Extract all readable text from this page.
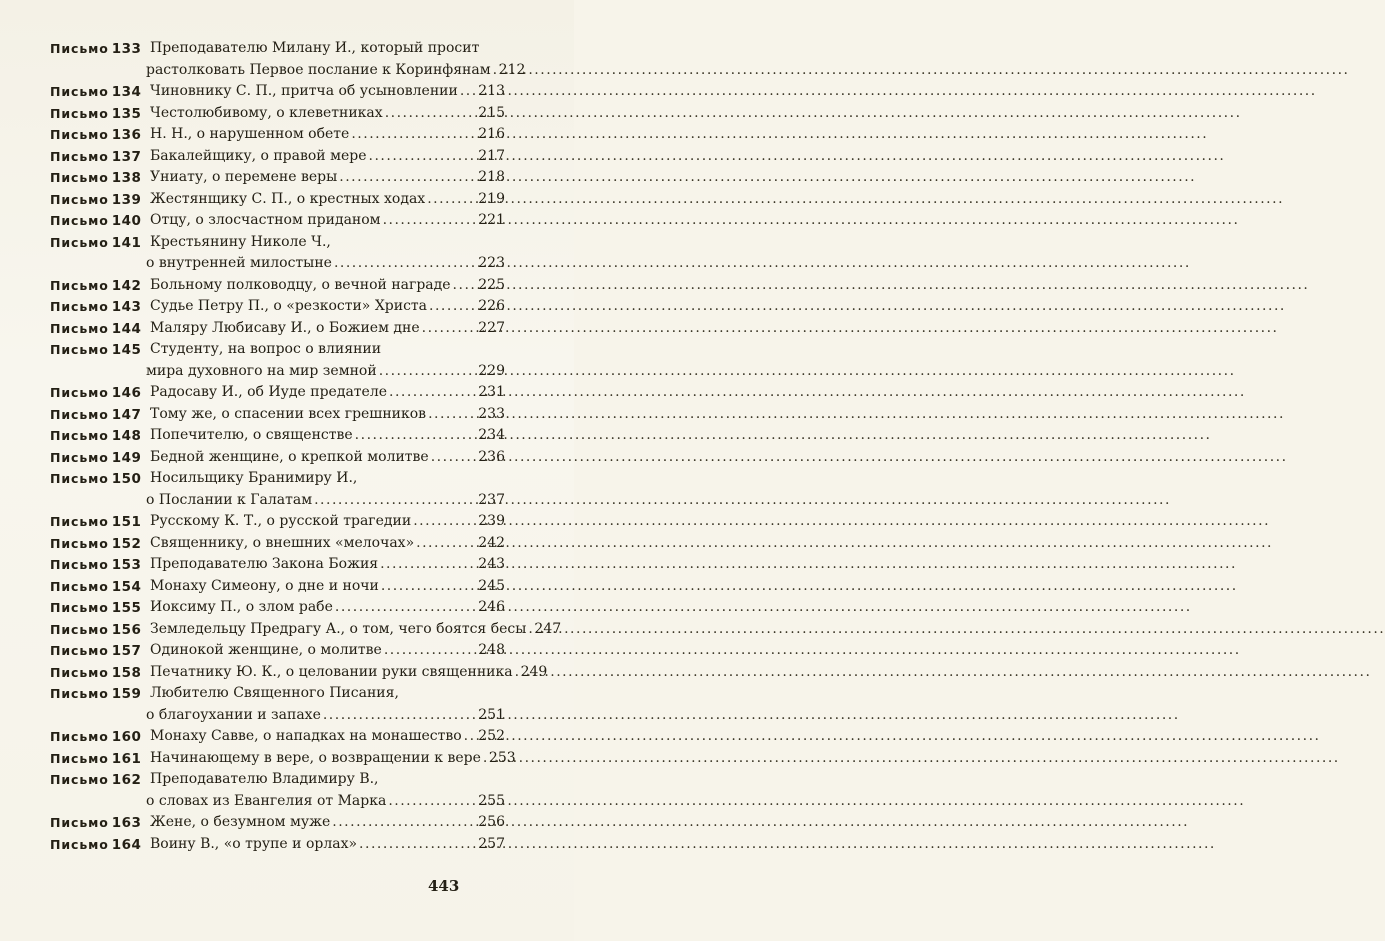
Письмо 133 Преподавателю Милану И., который просит
растолковать Первое послание к Коринфянам ..... 212
Письмо 134 Чиновнику С. П., притча об усыновлении ..... 213
Письмо 135 Честолюбивому, о клеветниках .....	215
Письмо 136 Н. Н., о нарушенном обете .....	216
Письмо 137 Бакалейщику, о правой мере .....	217
Письмо 138 Униату, о перемене веры .....	218
Письмо 139 Жестянщику С. П., о крестных ходах .....	219
Письмо 140 Отцу, о злосчастном приданом .....	221
Письмо 141 Крестьянину Николе Ч.,
о внутренней милостыне .....	223
Письмо 142 Больному полководцу, о вечной награде ..... 225
Письмо 143 Судье Петру П., о «резкости» Христа .....	226
Письмо 144 Маляру Любисаву И., о Божием дне .....	227
Письмо 145 Студенту, на вопрос о влиянии
мира духовного на мир земной .....	229
Письмо 146 Радосаву И., об Иуде предателе .....	231
Письмо 147 Тому же, о спасении всех грешников .....	233
Письмо 148 Попечителю, о священстве .....	234
Письмо 149 Бедной женщине, о крепкой молитве .....	236
Письмо 150 Носильщику Бранимиру И.,
о Послании к Галатам .....	237
Письмо 151 Русскому К. Т., о русской трагедии .....	239
Письмо 152 Священнику, о внешних «мелочах» .....	242
Письмо 153 Преподавателю Закона Божия .....	243
Письмо 154 Монаху Симеону, о дне и ночи .....	245
Письмо 155 Иоксиму П., о злом рабе .....	246
Письмо 156 Земледельцу Предрагу А., о том, чего боятся бесы ..... 247
Письмо 157 Одинокой женщине, о молитве .....	248
Письмо 158 Печатнику Ю. К., о целовании руки священника ..... 249
Письмо 159 Любителю Священного Писания,
о благоухании и запахе .....	251
Письмо 160 Монаху Савве, о нападках на монашество ..... 252
Письмо 161 Начинающему в вере, о возвращении к вере ..... 253
Письмо 162 Преподавателю Владимиру В.,
о словах из Евангелия от Марка .....	255
Письмо 163 Жене, о безумном муже .....	256
Письмо 164 Воину В., «о трупе и орлах» .....	257
443
